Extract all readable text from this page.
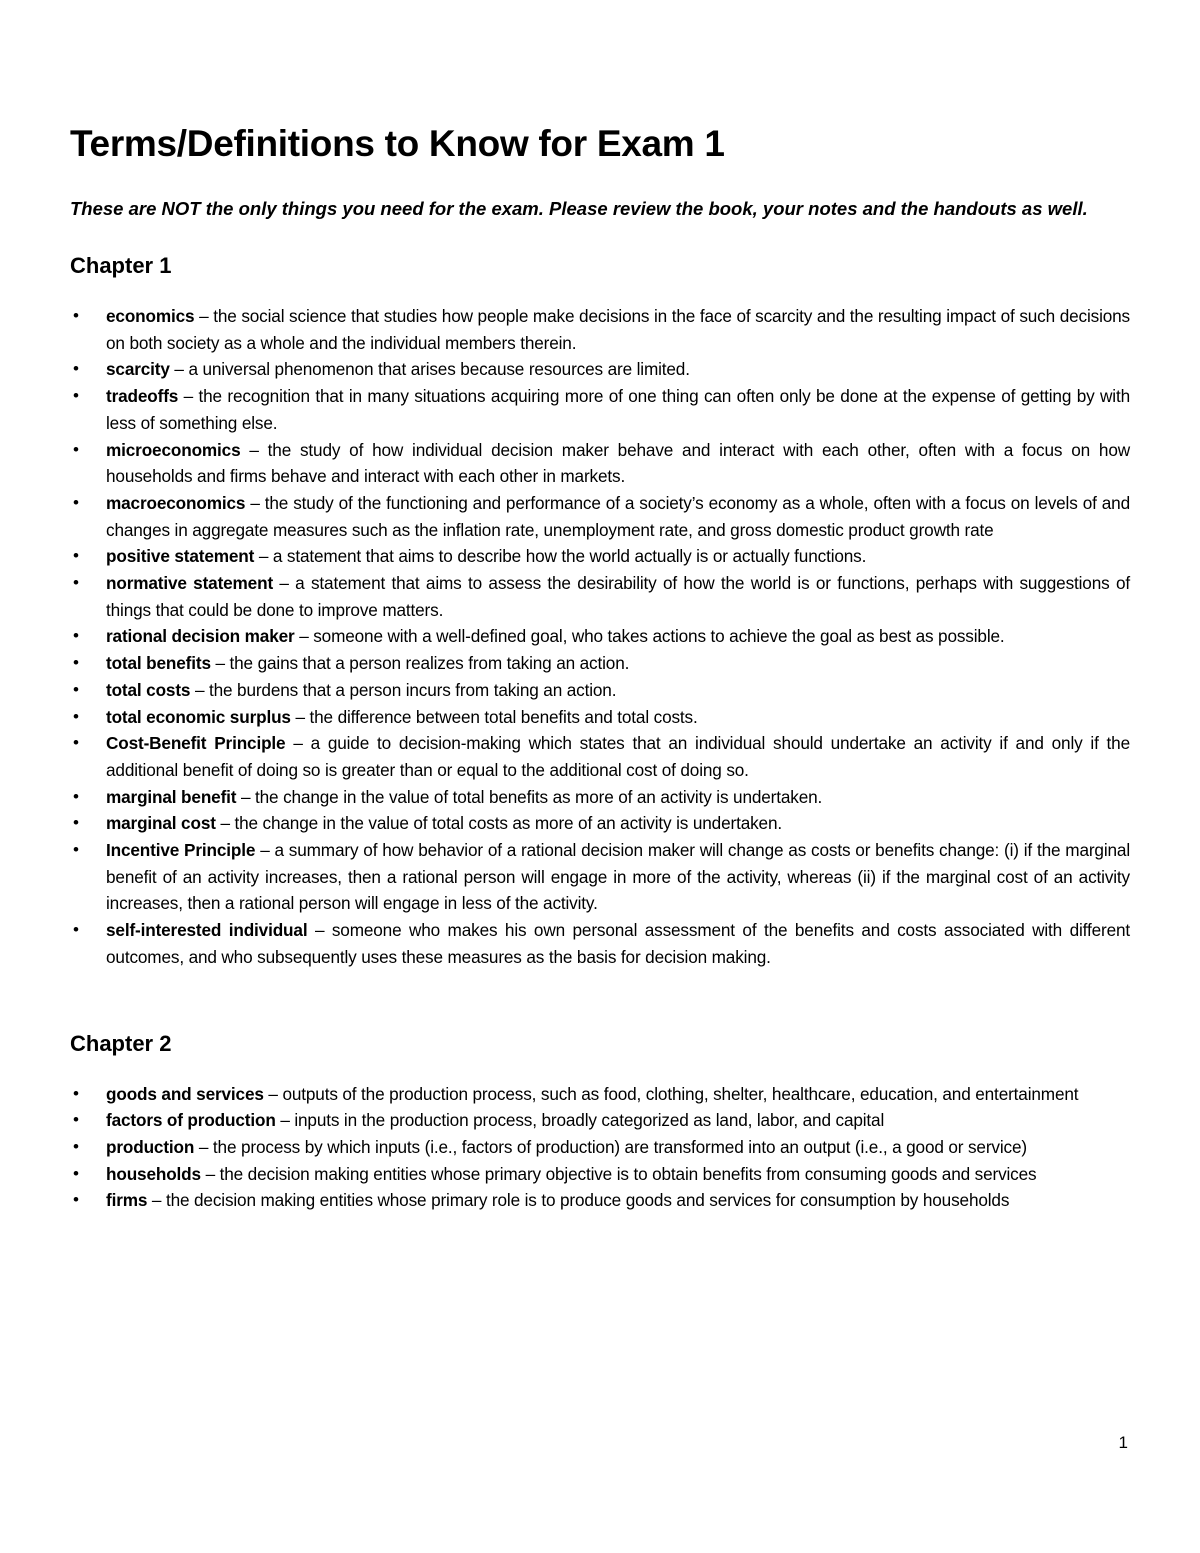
Terms/Definitions to Know for Exam 1

These are NOT the only things you need for the exam. Please review the book, your notes and the handouts as well.

Chapter 1
• economics – the social science that studies how people make decisions in the face of scarcity and the resulting impact of such decisions on both society as a whole and the individual members therein.
• scarcity – a universal phenomenon that arises because resources are limited.
• tradeoffs – the recognition that in many situations acquiring more of one thing can often only be done at the expense of getting by with less of something else.
• microeconomics – the study of how individual decision maker behave and interact with each other, often with a focus on how households and firms behave and interact with each other in markets.
• macroeconomics – the study of the functioning and performance of a society’s economy as a whole, often with a focus on levels of and changes in aggregate measures such as the inflation rate, unemployment rate, and gross domestic product growth rate
• positive statement – a statement that aims to describe how the world actually is or actually functions.
• normative statement – a statement that aims to assess the desirability of how the world is or functions, perhaps with suggestions of things that could be done to improve matters.
• rational decision maker – someone with a well-defined goal, who takes actions to achieve the goal as best as possible.
• total benefits – the gains that a person realizes from taking an action.
• total costs – the burdens that a person incurs from taking an action.
• total economic surplus – the difference between total benefits and total costs.
• Cost-Benefit Principle – a guide to decision-making which states that an individual should undertake an activity if and only if the additional benefit of doing so is greater than or equal to the additional cost of doing so.
• marginal benefit – the change in the value of total benefits as more of an activity is undertaken.
• marginal cost – the change in the value of total costs as more of an activity is undertaken.
• Incentive Principle – a summary of how behavior of a rational decision maker will change as costs or benefits change: (i) if the marginal benefit of an activity increases, then a rational person will engage in more of the activity, whereas (ii) if the marginal cost of an activity increases, then a rational person will engage in less of the activity.
• self-interested individual – someone who makes his own personal assessment of the benefits and costs associated with different outcomes, and who subsequently uses these measures as the basis for decision making.
Chapter 2
• goods and services – outputs of the production process, such as food, clothing, shelter, healthcare, education, and entertainment
• factors of production – inputs in the production process, broadly categorized as land, labor, and capital
• production – the process by which inputs (i.e., factors of production) are transformed into an output (i.e., a good or service)
• households – the decision making entities whose primary objective is to obtain benefits from consuming goods and services
• firms – the decision making entities whose primary role is to produce goods and services for consumption by households
1
